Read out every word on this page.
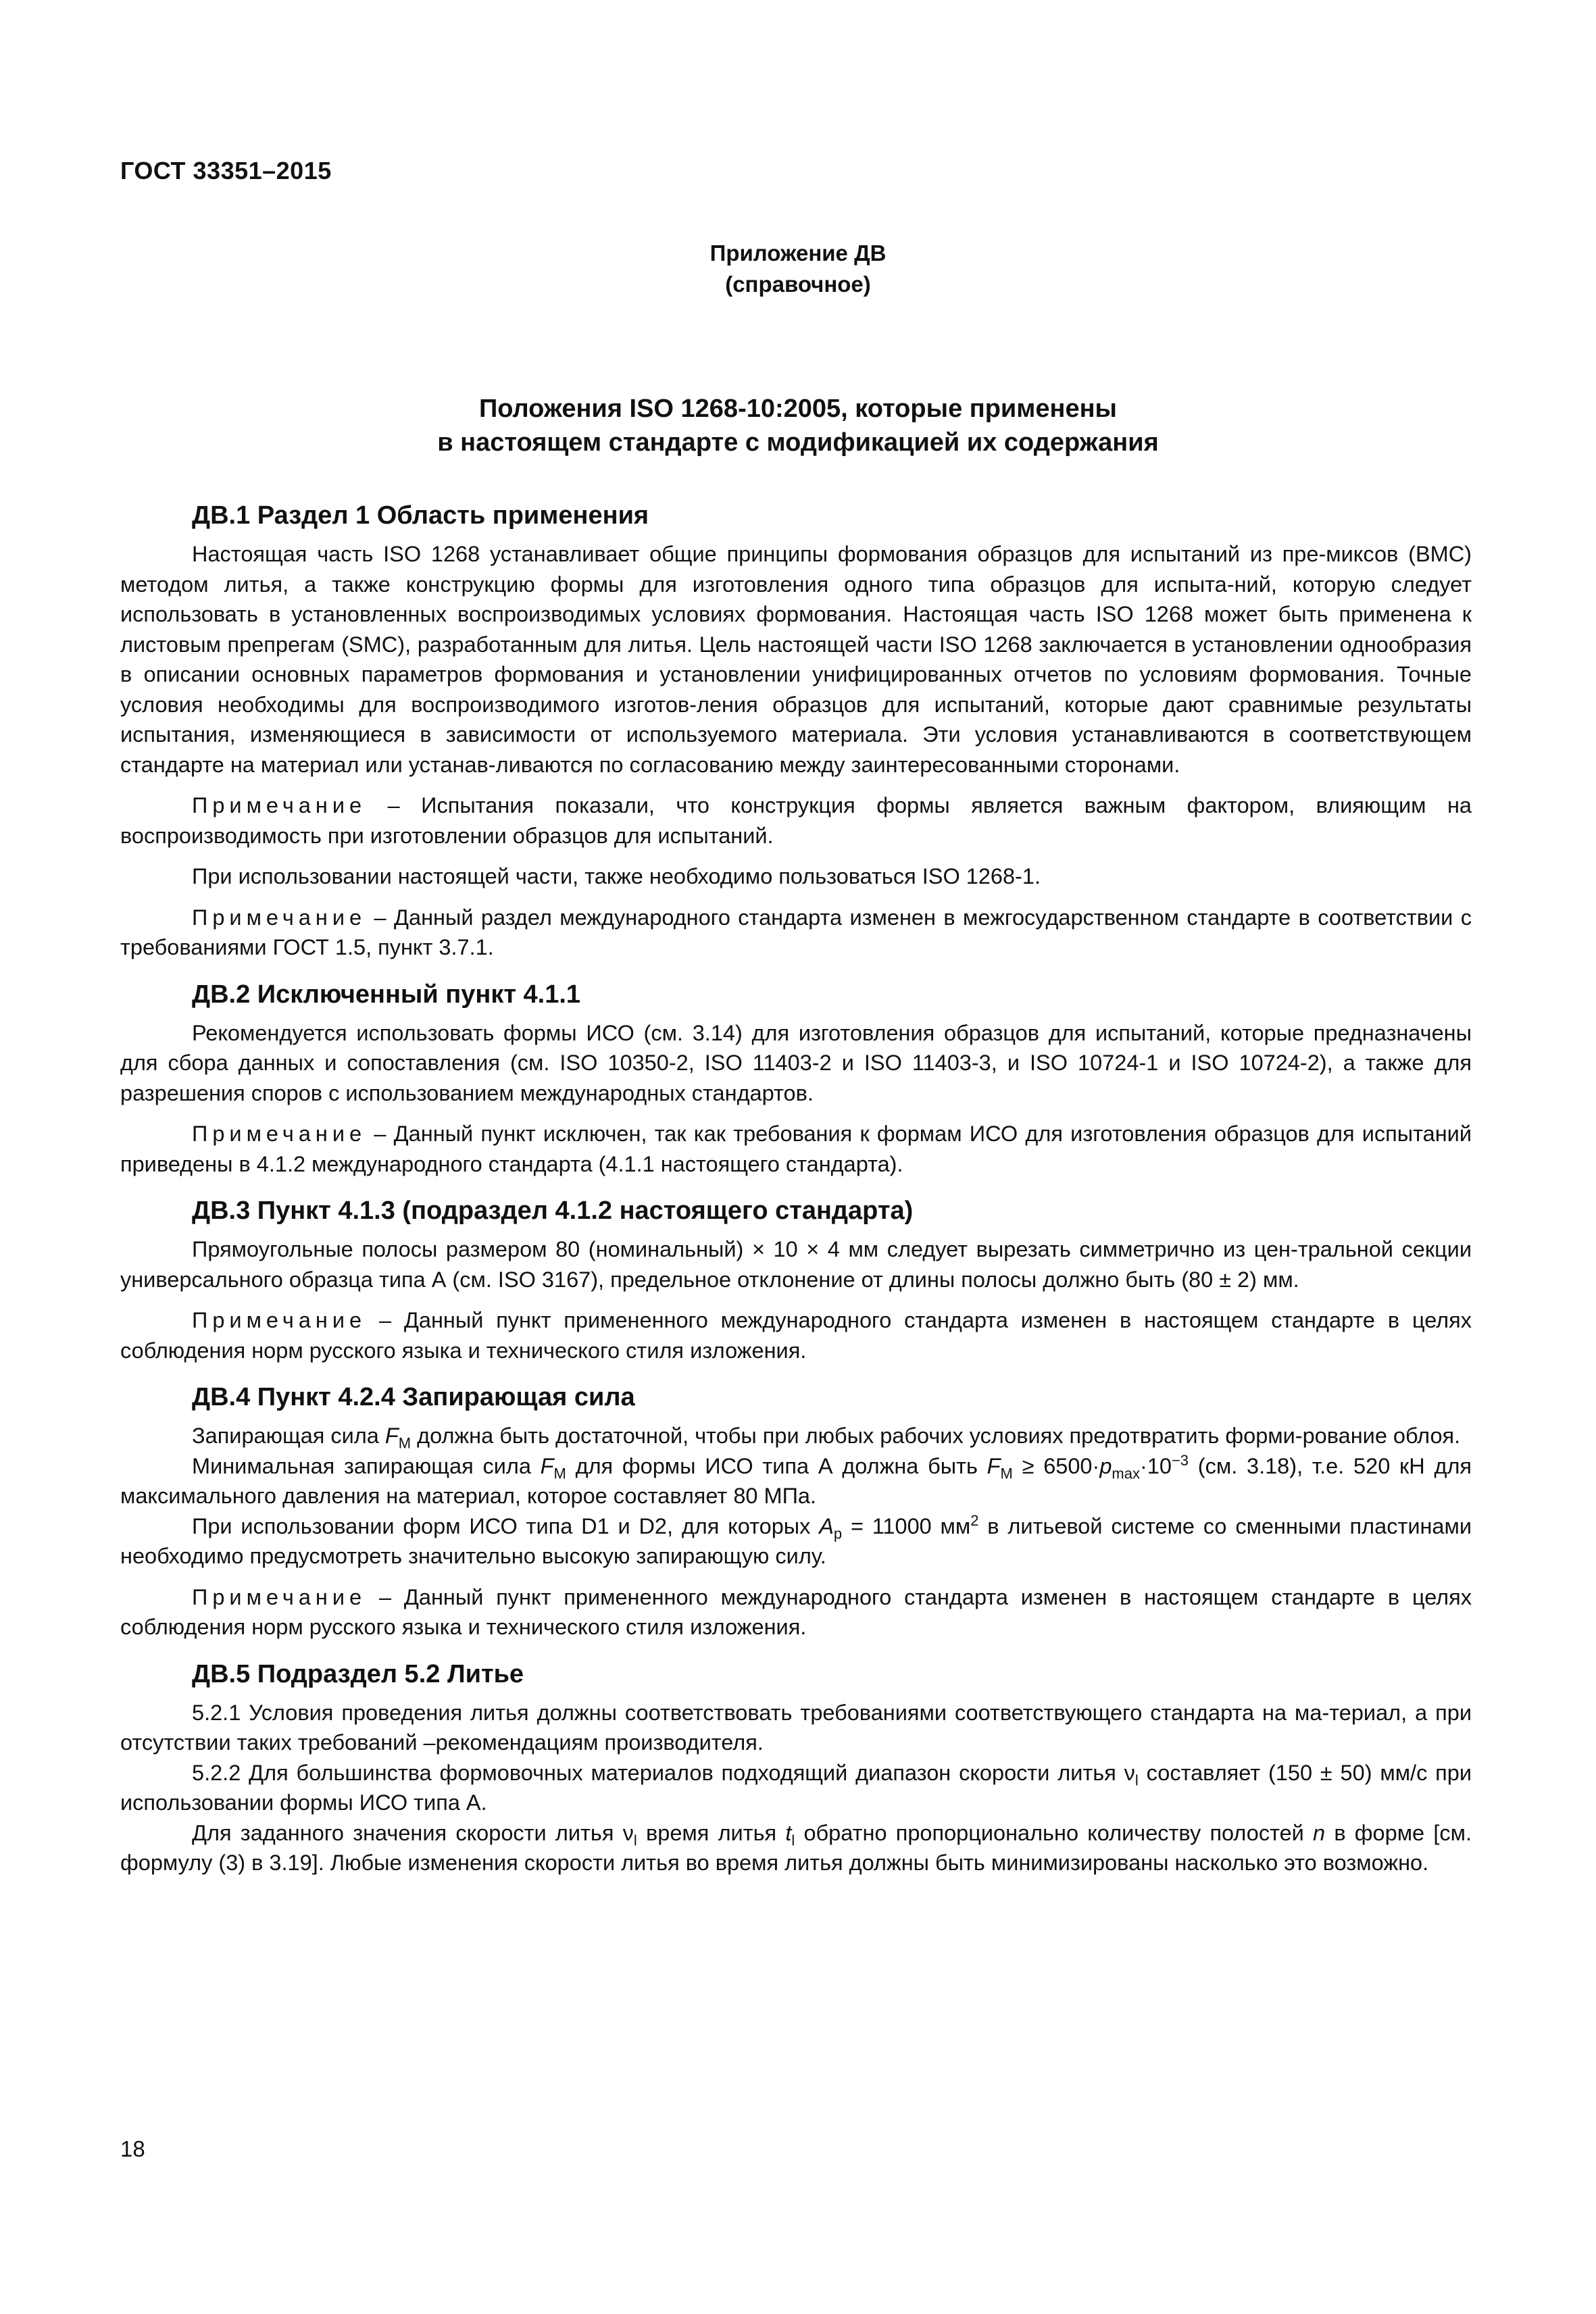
ГОСТ 33351–2015
Приложение ДВ
(справочное)
Положения ISO 1268-10:2005, которые применены
в настоящем стандарте с модификацией их содержания
ДВ.1 Раздел 1 Область применения

Настоящая часть ISO 1268 устанавливает общие принципы формования образцов для испытаний из пре-миксов (ВМС) методом литья, а также конструкцию формы для изготовления одного типа образцов для испыта-ний, которую следует использовать в установленных воспроизводимых условиях формования. Настоящая часть ISO 1268 может быть применена к листовым препрегам (SMC), разработанным для литья. Цель настоящей части ISO 1268 заключается в установлении однообразия в описании основных параметров формования и установлении унифицированных отчетов по условиям формования. Точные условия необходимы для воспроизводимого изготов-ления образцов для испытаний, которые дают сравнимые результаты испытания, изменяющиеся в зависимости от используемого материала. Эти условия устанавливаются в соответствующем стандарте на материал или устанав-ливаются по согласованию между заинтересованными сторонами.

Примечание – Испытания показали, что конструкция формы является важным фактором, влияющим на воспроизводимость при изготовлении образцов для испытаний.

При использовании настоящей части, также необходимо пользоваться ISO 1268-1.

Примечание – Данный раздел международного стандарта изменен в межгосударственном стандарте в соответствии с требованиями ГОСТ 1.5, пункт 3.7.1.

ДВ.2 Исключенный пункт 4.1.1

Рекомендуется использовать формы ИСО (см. 3.14) для изготовления образцов для испытаний, которые предназначены для сбора данных и сопоставления (см. ISO 10350-2, ISO 11403-2 и ISO 11403-3, и ISO 10724-1 и ISO 10724-2), а также для разрешения споров с использованием международных стандартов.

Примечание – Данный пункт исключен, так как требования к формам ИСО для изготовления образцов для испытаний приведены в 4.1.2 международного стандарта (4.1.1 настоящего стандарта).

ДВ.3 Пункт 4.1.3 (подраздел 4.1.2 настоящего стандарта)

Прямоугольные полосы размером 80 (номинальный) × 10 × 4 мм следует вырезать симметрично из цен-тральной секции универсального образца типа А (см. ISO 3167), предельное отклонение от длины полосы должно быть (80 ± 2) мм.

Примечание – Данный пункт примененного международного стандарта изменен в настоящем стандарте в целях соблюдения норм русского языка и технического стиля изложения.

ДВ.4 Пункт 4.2.4 Запирающая сила

Запирающая сила $F_M$ должна быть достаточной, чтобы при любых рабочих условиях предотвратить форми-рование облоя.

Минимальная запирающая сила $F_M$ для формы ИСО типа А должна быть $F_M \ge 6500\cdot p_{max}\cdot 10^{-3}$ (см. 3.18), т.е. 520 кН для максимального давления на материал, которое составляет 80 МПа.

При использовании форм ИСО типа D1 и D2, для которых $A_p = 11000$ $мм^2$ в литьевой системе со сменными пластинами необходимо предусмотреть значительно высокую запирающую силу.

Примечание – Данный пункт примененного международного стандарта изменен в настоящем стандарте в целях соблюдения норм русского языка и технического стиля изложения.

ДВ.5 Подраздел 5.2 Литье

5.2.1 Условия проведения литья должны соответствовать требованиями соответствующего стандарта на ма-териал, а при отсутствии таких требований –рекомендациям производителя.

5.2.2 Для большинства формовочных материалов подходящий диапазон скорости литья $\nu_l$ составляет (150 ± 50) мм/с при использовании формы ИСО типа А.

Для заданного значения скорости литья $\nu_l$ время литья $t_l$ обратно пропорционально количеству полостей n в форме [см. формулу (3) в 3.19]. Любые изменения скорости литья во время литья должны быть минимизированы насколько это возможно.

18
